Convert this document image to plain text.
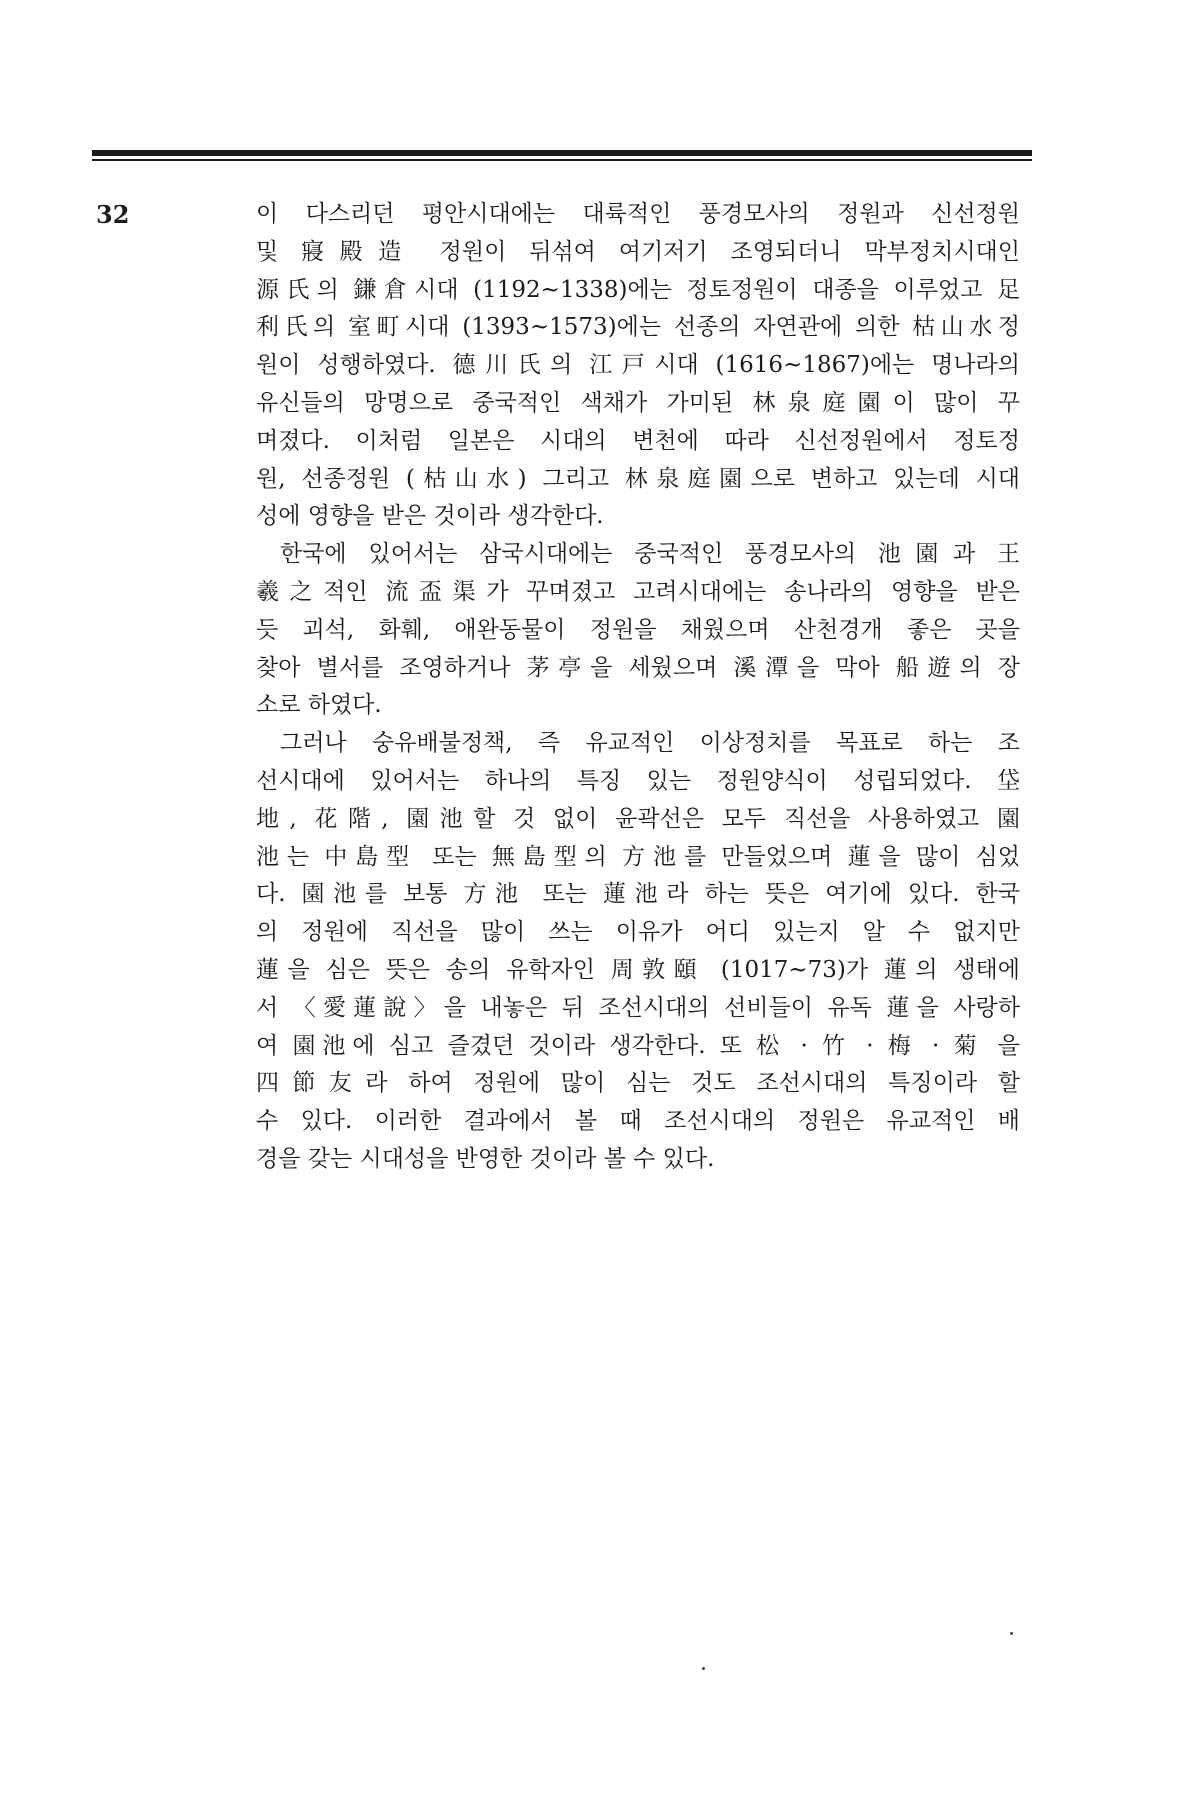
32	이 다스리던 평안시대에는 대륙적인 풍경모사의 정원과 신선정원
및 寢殿造 정원이 뒤섞여 여기저기 조영되더니 막부정치시대인
源氏의 鎌倉시대 (1192~1338)에는 정토정원이 대종을 이루었고 足
利氏의 室町시대 (1393~1573)에는 선종의 자연관에 의한 枯山水정
원이 성행하였다. 德川氏의 江戸시대 (1616~1867)에는 명나라의
유신들의 망명으로 중국적인 색채가 가미된 林泉庭園이 많이 꾸
며졌다. 이처럼 일본은 시대의 변천에 따라 신선정원에서 정토정
원, 선종정원 (枯山水) 그리고 林泉庭園으로 변하고 있는데 시대
성에 영향을 받은 것이라 생각한다.
한국에 있어서는 삼국시대에는 중국적인 풍경모사의 池園과 王
羲之적인 流盃渠가 꾸며졌고 고려시대에는 송나라의 영향을 받은
듯 괴석, 화훼, 애완동물이 정원을 채웠으며 산천경개 좋은 곳을
찾아 별서를 조영하거나 茅亭을 세웠으며 溪潭을 막아 船遊의 장
소로 하였다.
그러나 숭유배불정책, 즉 유교적인 이상정치를 목표로 하는 조
선시대에 있어서는 하나의 특징 있는 정원양식이 성립되었다. 垈
地, 花階, 園池할 것 없이 윤곽선은 모두 직선을 사용하였고 園
池는 中島型 또는 無島型의 方池를 만들었으며 蓮을 많이 심었
다. 園池를 보통 方池 또는 蓮池라 하는 뜻은 여기에 있다. 한국
의 정원에 직선을 많이 쓰는 이유가 어디 있는지 알 수 없지만
蓮을 심은 뜻은 송의 유학자인 周敦頤 (1017~73)가 蓮의 생태에
서 〈愛蓮說〉을 내놓은 뒤 조선시대의 선비들이 유독 蓮을 사랑하
여 園池에 심고 즐겼던 것이라 생각한다. 또 松 · 竹 · 梅 · 菊 을
四節友라 하여 정원에 많이 심는 것도 조선시대의 특징이라 할
수 있다. 이러한 결과에서 볼 때 조선시대의 정원은 유교적인 배
경을 갖는 시대성을 반영한 것이라 볼 수 있다.
